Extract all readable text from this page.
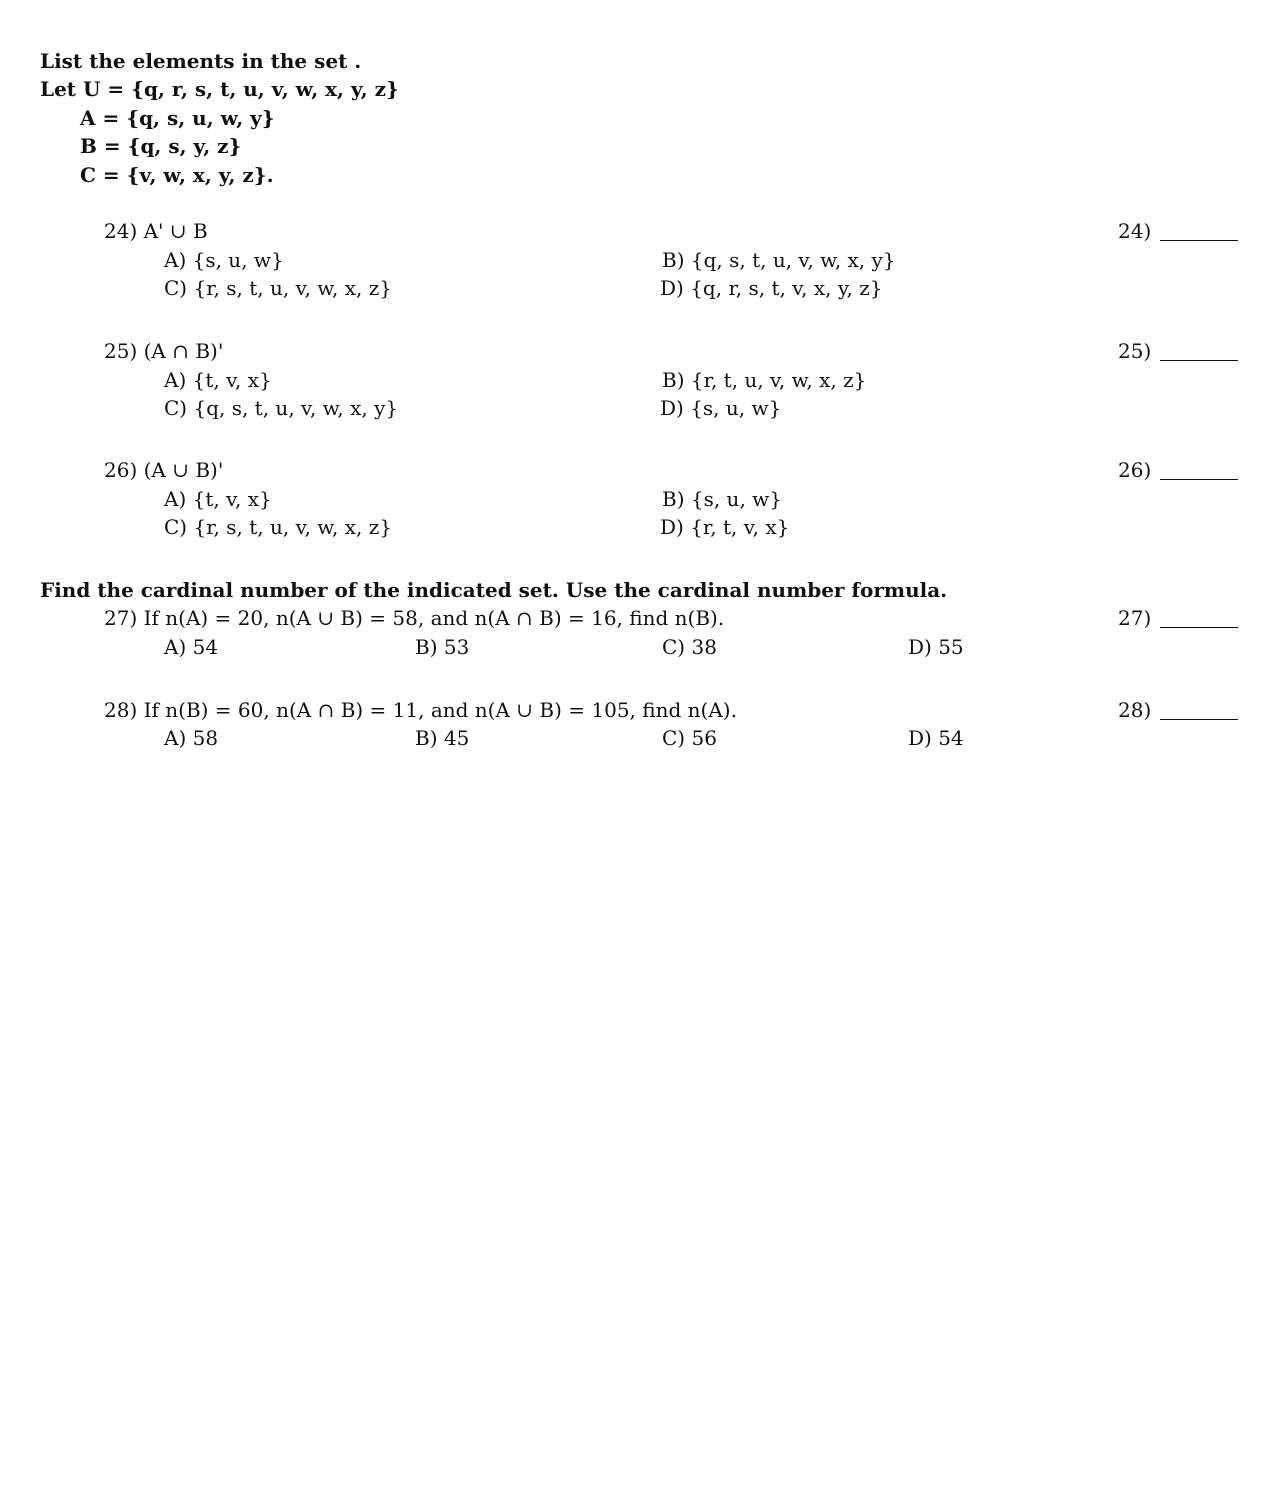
List the elements in the set .
Let U = {q, r, s, t, u, v, w, x, y, z}
A = {q, s, u, w, y}
B = {q, s, y, z}
C = {v, w, x, y, z}.
24) A' ∪ B
A) {s, u, w}	B) {q, s, t, u, v, w, x, y}
C) {r, s, t, u, v, w, x, z}	D) {q, r, s, t, v, x, y, z}
24)
25) (A ∩ B)'
A) {t, v, x}	B) {r, t, u, v, w, x, z}
C) {q, s, t, u, v, w, x, y}	D) {s, u, w}
25)
26) (A ∪ B)'
A) {t, v, x}	B) {s, u, w}
C) {r, s, t, u, v, w, x, z}	D) {r, t, v, x}
26)
Find the cardinal number of the indicated set. Use the cardinal number formula.
27) If n(A) = 20, n(A ∪ B) = 58, and n(A ∩ B) = 16, find n(B).
A) 54	B) 53	C) 38	D) 55
27)
28) If n(B) = 60, n(A ∩ B) = 11, and n(A ∪ B) = 105, find n(A).
A) 58	B) 45	C) 56	D) 54
28)
